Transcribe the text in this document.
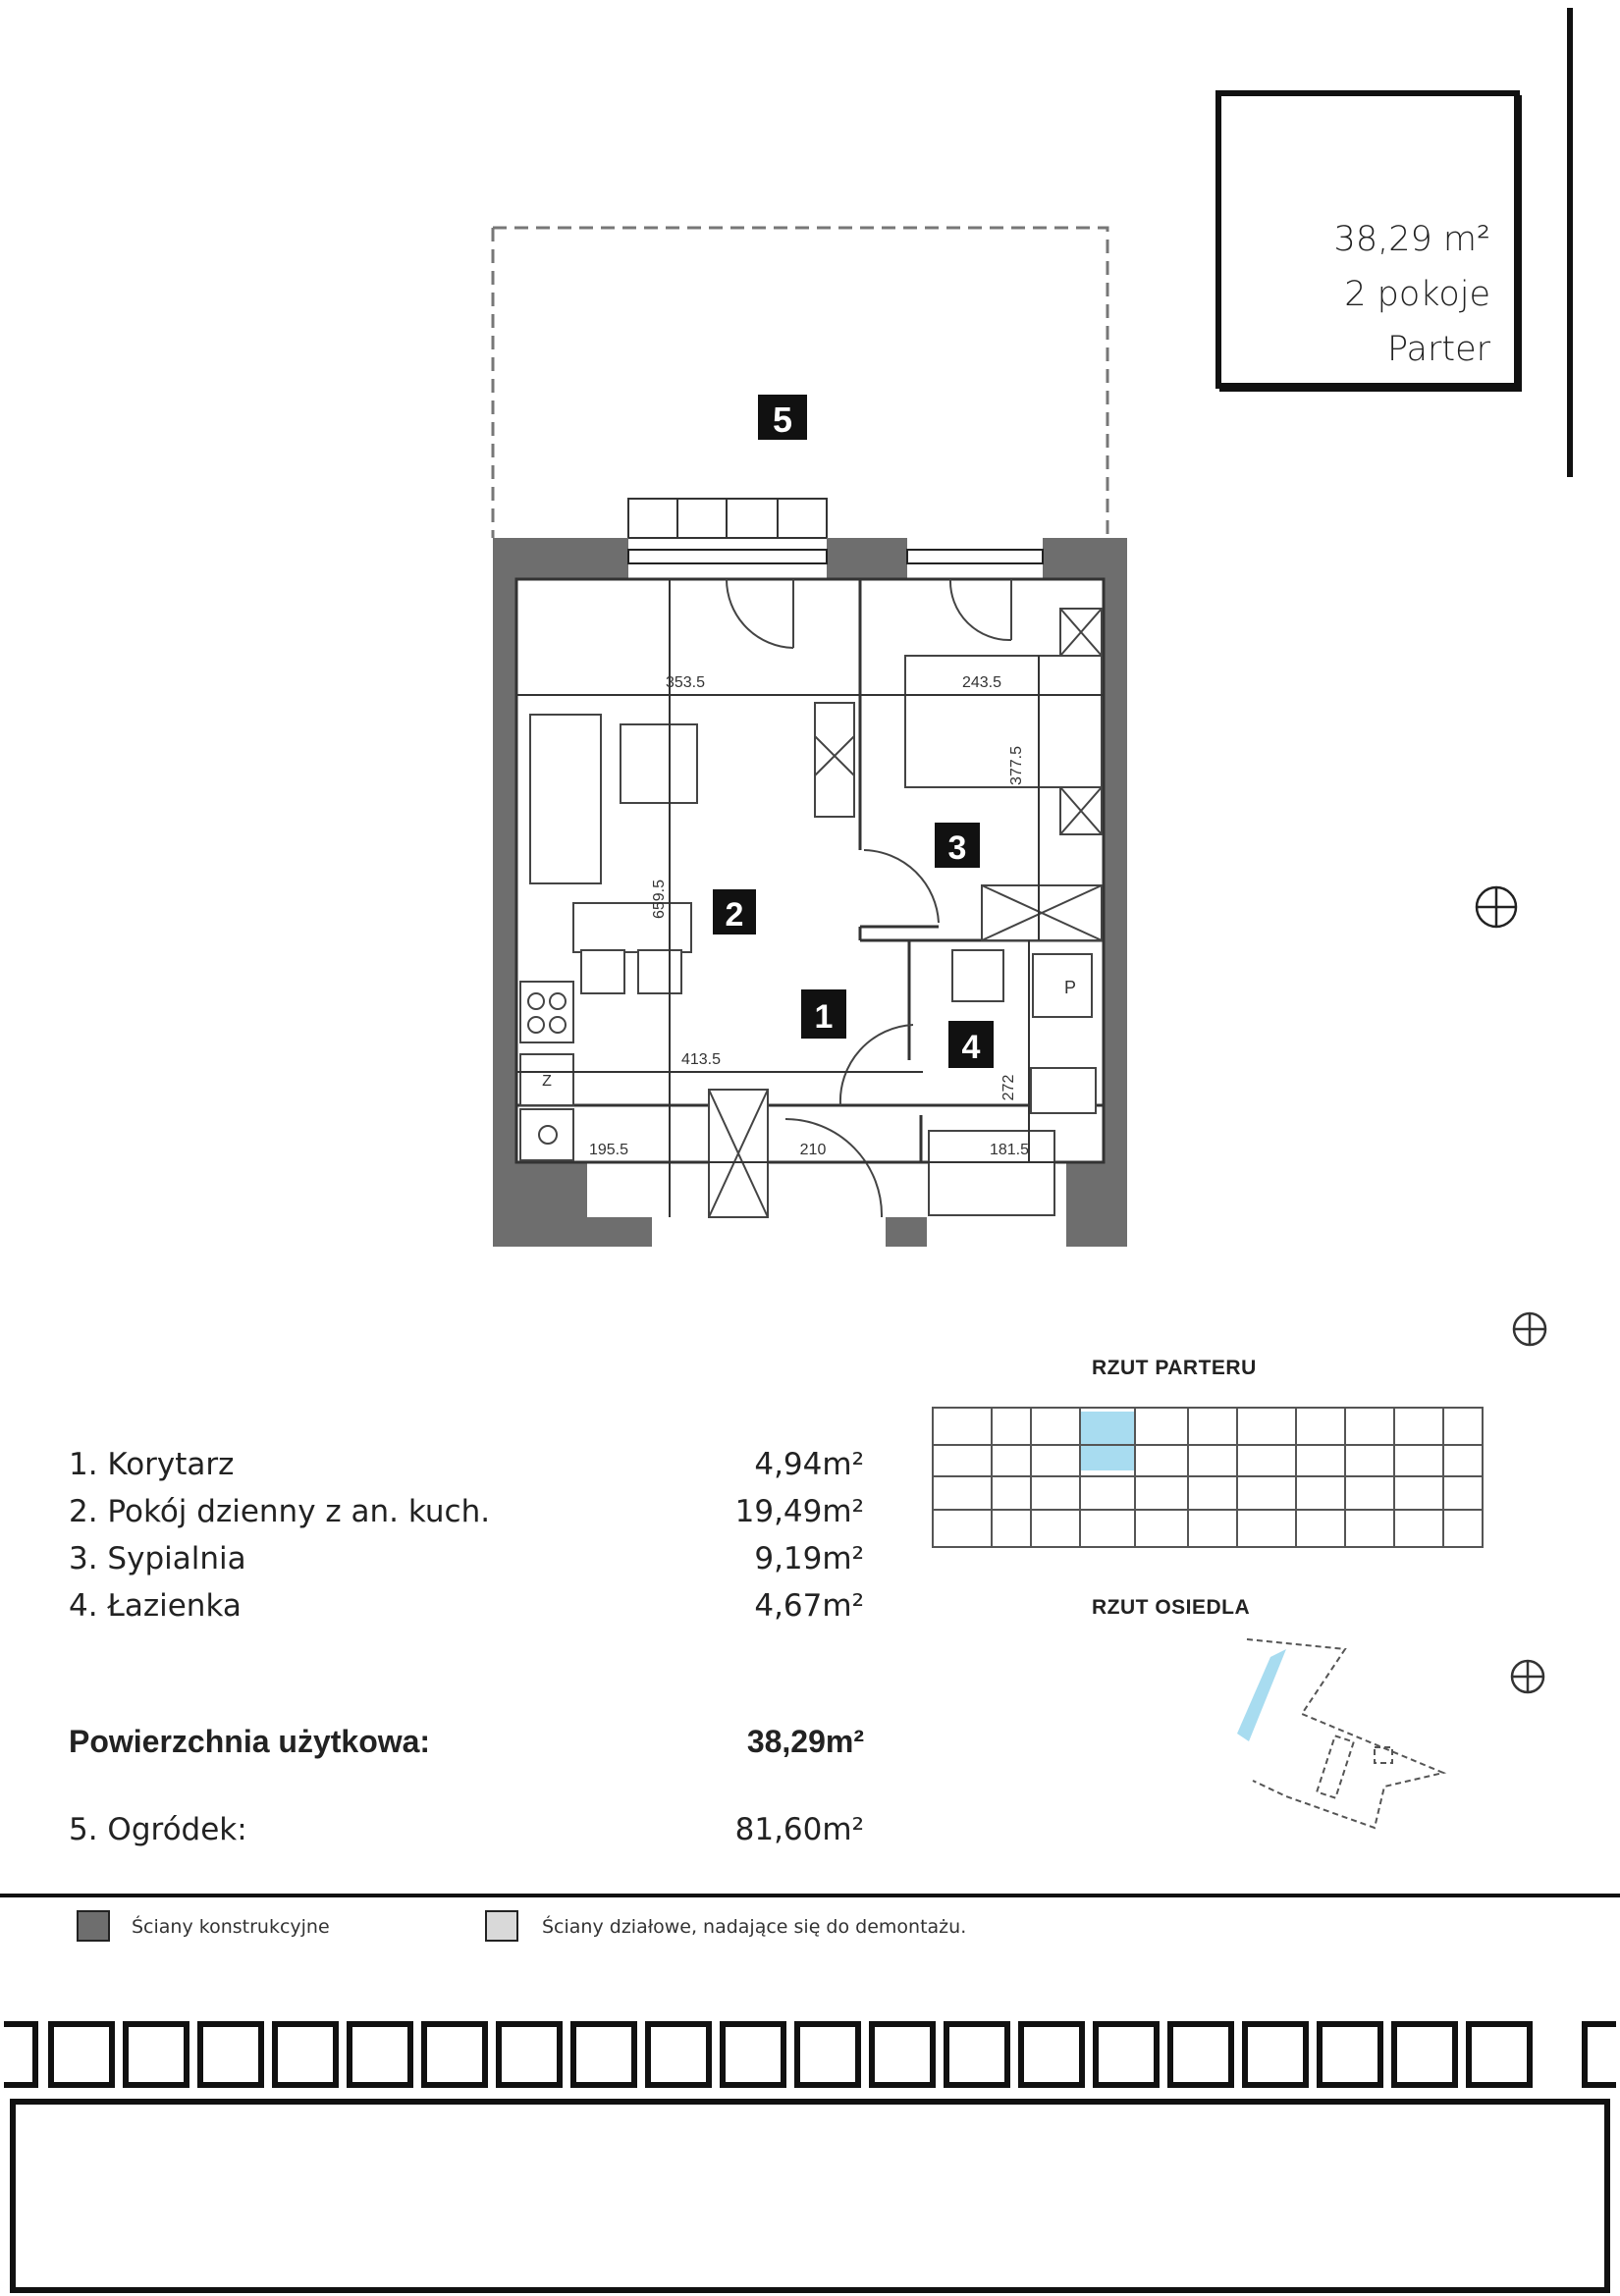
38,29 m²
2 pokoje
Parter
353.5	243.5
413.5
195.5	210	181.5
377.5
659.5
272
P
Z
5
2
3
1
4
1. Korytarz	4,94m²
2. Pokój dzienny z an. kuch.	19,49m²
3. Sypialnia	9,19m²
4. Łazienka	4,67m²
Powierzchnia użytkowa:	38,29m²
5. Ogródek:	81,60m²
RZUT PARTERU
RZUT OSIEDLA
Ściany konstrukcyjne	Ściany działowe, nadające się do demontażu.
